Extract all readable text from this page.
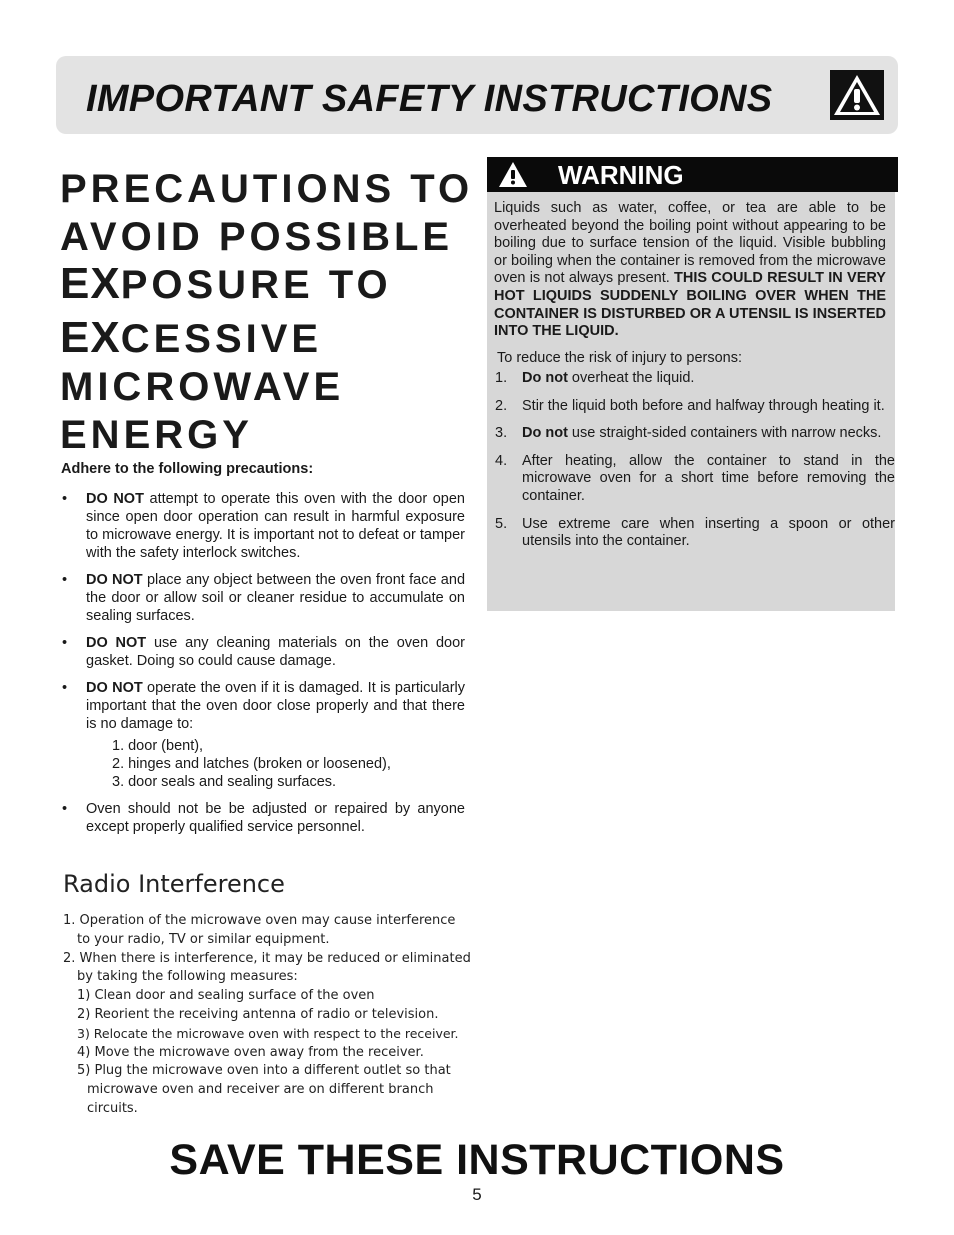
IMPORTANT SAFETY INSTRUCTIONS
PRECAUTIONS TO
AVOID POSSIBLE
EXPOSURE TO
EXCESSIVE
MICROWAVE
ENERGY
Adhere to the following precautions:
• DO NOT attempt to operate this oven with the door open since open door operation can result in harmful exposure to microwave energy. It is important not to defeat or tamper with the safety interlock switches.
• DO NOT place any object between the oven front face and the door or allow soil or cleaner residue to accumulate on sealing surfaces.
• DO NOT use any cleaning materials on the oven door gasket. Doing so could cause damage.
• DO NOT operate the oven if it is damaged. It is particularly important that the oven door close properly and that there is no damage to:
1. door (bent),
2. hinges and latches (broken or loosened),
3. door seals and sealing surfaces.
• Oven should not be be adjusted or repaired by anyone except properly qualified service personnel.
Radio Interference
1. Operation of the microwave oven may cause interference
to your radio, TV or similar equipment.
2. When there is interference, it may be reduced or eliminated
by taking the following measures:
1) Clean door and sealing surface of the oven
2) Reorient the receiving antenna of radio or television.
3) Relocate the microwave oven with respect to the receiver.
4) Move the microwave oven away from the receiver.
5) Plug the microwave oven into a different outlet so that
microwave oven and receiver are on different branch
circuits.
WARNING
Liquids such as water, coffee, or tea are able to be overheated beyond the boiling point without appearing to be boiling due to surface tension of the liquid. Visible bubbling or boiling when the container is removed from the microwave oven is not always present. THIS COULD RESULT IN VERY HOT LIQUIDS SUDDENLY BOILING OVER WHEN THE CONTAINER IS DISTURBED OR A UTENSIL IS INSERTED INTO THE LIQUID.
To reduce the risk of injury to persons:
1. Do not overheat the liquid.
2. Stir the liquid both before and halfway through heating it.
3. Do not use straight-sided containers with narrow necks.
4. After heating, allow the container to stand in the microwave oven for a short time before removing the container.
5. Use extreme care when inserting a spoon or other utensils into the container.
SAVE THESE INSTRUCTIONS
5
